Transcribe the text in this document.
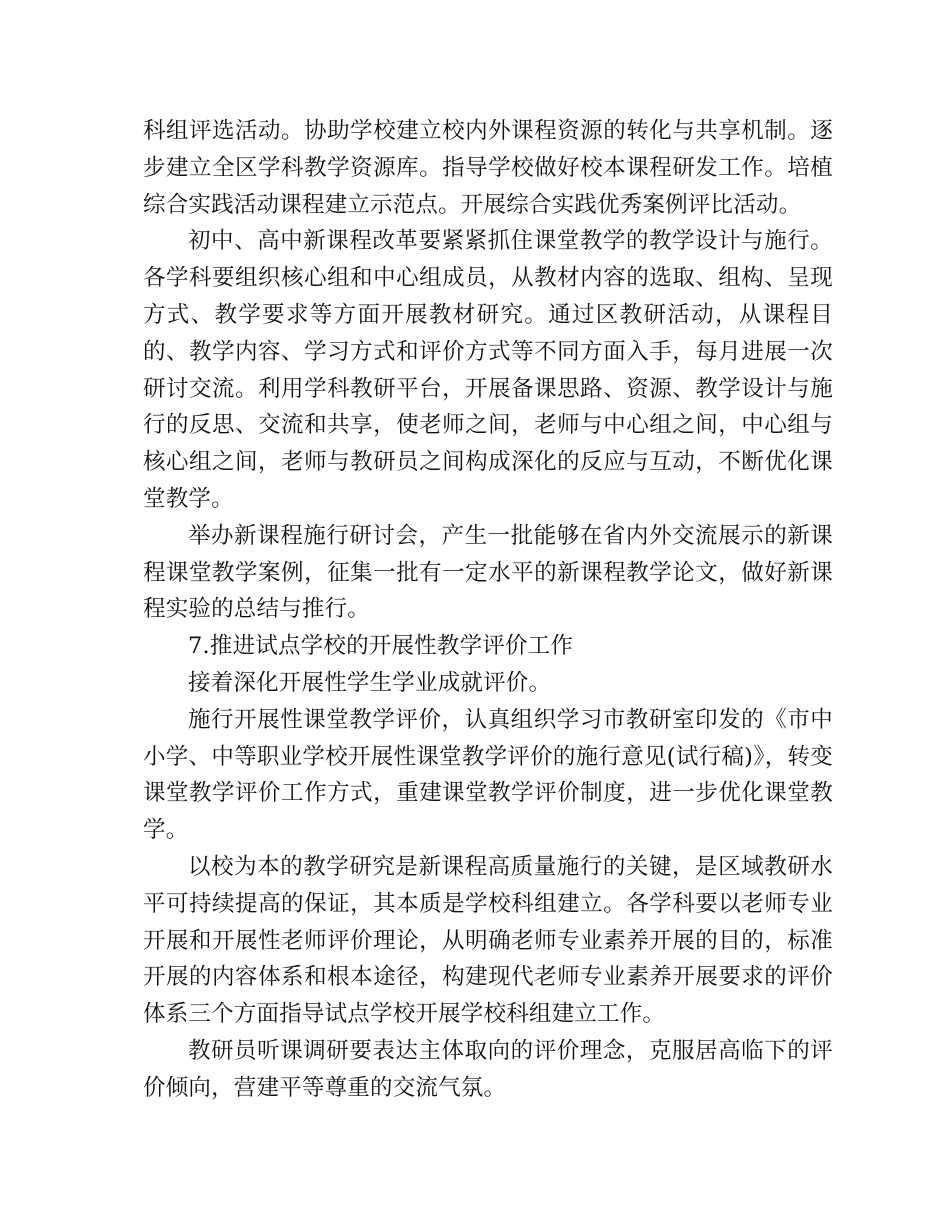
科组评选活动。协助学校建立校内外课程资源的转化与共享机制。逐步建立全区学科教学资源库。指导学校做好校本课程研发工作。培植综合实践活动课程建立示范点。开展综合实践优秀案例评比活动。

初中、高中新课程改革要紧紧抓住课堂教学的教学设计与施行。各学科要组织核心组和中心组成员，从教材内容的选取、组构、呈现方式、教学要求等方面开展教材研究。通过区教研活动，从课程目的、教学内容、学习方式和评价方式等不同方面入手，每月进展一次研讨交流。利用学科教研平台，开展备课思路、资源、教学设计与施行的反思、交流和共享，使老师之间，老师与中心组之间，中心组与核心组之间，老师与教研员之间构成深化的反应与互动，不断优化课堂教学。

举办新课程施行研讨会，产生一批能够在省内外交流展示的新课程课堂教学案例，征集一批有一定水平的新课程教学论文，做好新课程实验的总结与推行。

7.推进试点学校的开展性教学评价工作

接着深化开展性学生学业成就评价。

施行开展性课堂教学评价，认真组织学习市教研室印发的《市中小学、中等职业学校开展性课堂教学评价的施行意见(试行稿)》，转变课堂教学评价工作方式，重建课堂教学评价制度，进一步优化课堂教学。

以校为本的教学研究是新课程高质量施行的关键，是区域教研水平可持续提高的保证，其本质是学校科组建立。各学科要以老师专业开展和开展性老师评价理论，从明确老师专业素养开展的目的，标准开展的内容体系和根本途径，构建现代老师专业素养开展要求的评价体系三个方面指导试点学校开展学校科组建立工作。

教研员听课调研要表达主体取向的评价理念，克服居高临下的评价倾向，营建平等尊重的交流气氛。
